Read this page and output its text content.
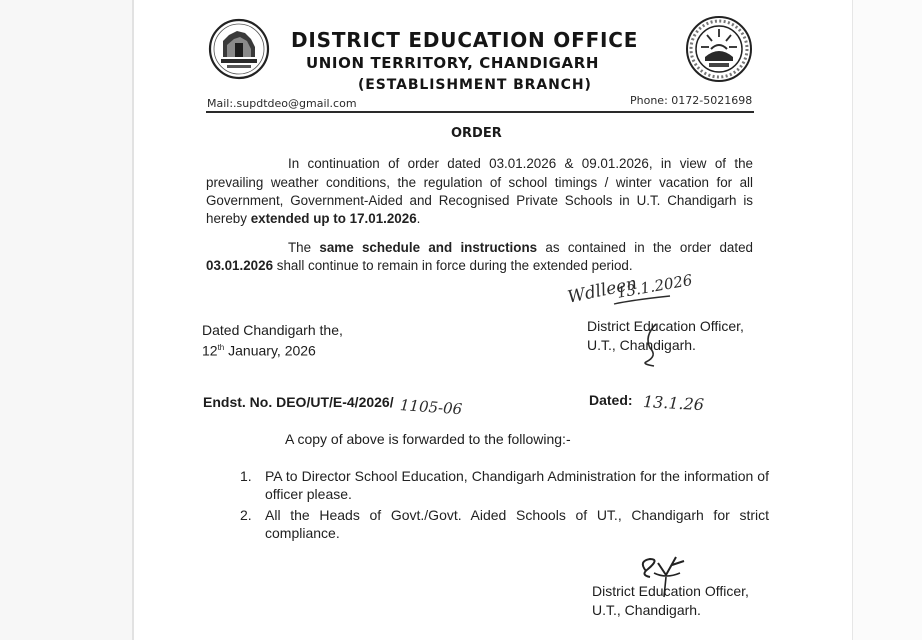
DISTRICT EDUCATION OFFICE
UNION TERRITORY, CHANDIGARH
(ESTABLISHMENT BRANCH)
Mail:.supdtdeo@gmail.com	Phone: 0172-5021698
ORDER
In continuation of order dated 03.01.2026 & 09.01.2026, in view of the
prevailing weather conditions, the regulation of school timings / winter vacation for all
Government, Government-Aided and Recognised Private Schools in U.T. Chandigarh is
hereby extended up to 17.01.2026.
The same schedule and instructions as contained in the order dated
03.01.2026 shall continue to remain in force during the extended period.
Wdlleen
13.1.2026
District Education Officer,
U.T., Chandigarh.
Dated Chandigarh the,
12th January, 2026
Endst. No. DEO/UT/E-4/2026/ 1105-06	Dated: 13.1.26
A copy of above is forwarded to the following:-
1. PA to Director School Education, Chandigarh Administration for the information of officer please.
2. All the Heads of Govt./Govt. Aided Schools of UT., Chandigarh for strict compliance.
District Education Officer,
U.T., Chandigarh.
